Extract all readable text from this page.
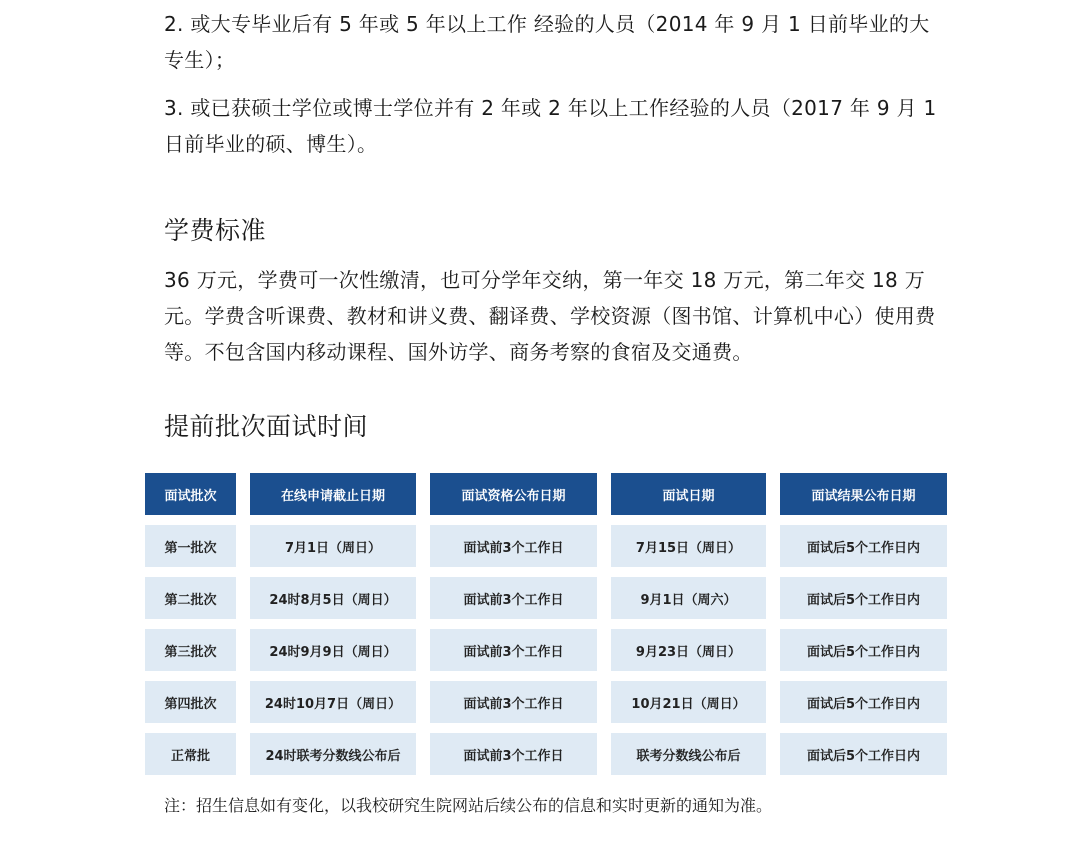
2. 或大专毕业后有 5 年或 5 年以上工作 经验的人员（2014 年 9 月 1 日前毕业的大专生）；

3. 或已获硕士学位或博士学位并有 2 年或 2 年以上工作经验的人员（2017 年 9 月 1 日前毕业的硕、博生）。

学费标准

36 万元，学费可一次性缴清，也可分学年交纳，第一年交 18 万元，第二年交 18 万元。学费含听课费、教材和讲义费、翻译费、学校资源（图书馆、计算机中心）使用费等。不包含国内移动课程、国外访学、商务考察的食宿及交通费。

提前批次面试时间
面试批次	在线申请截止日期	面试资格公布日期	面试日期	面试结果公布日期
第一批次	7月1日（周日）	面试前3个工作日	7月15日（周日）	面试后5个工作日内
第二批次	24时8月5日（周日）	面试前3个工作日	9月1日（周六）	面试后5个工作日内
第三批次	24时9月9日（周日）	面试前3个工作日	9月23日（周日）	面试后5个工作日内
第四批次	24时10月7日（周日）	面试前3个工作日	10月21日（周日）	面试后5个工作日内
正常批	24时联考分数线公布后	面试前3个工作日	联考分数线公布后	面试后5个工作日内

注：招生信息如有变化，以我校研究生院网站后续公布的信息和实时更新的通知为准。
